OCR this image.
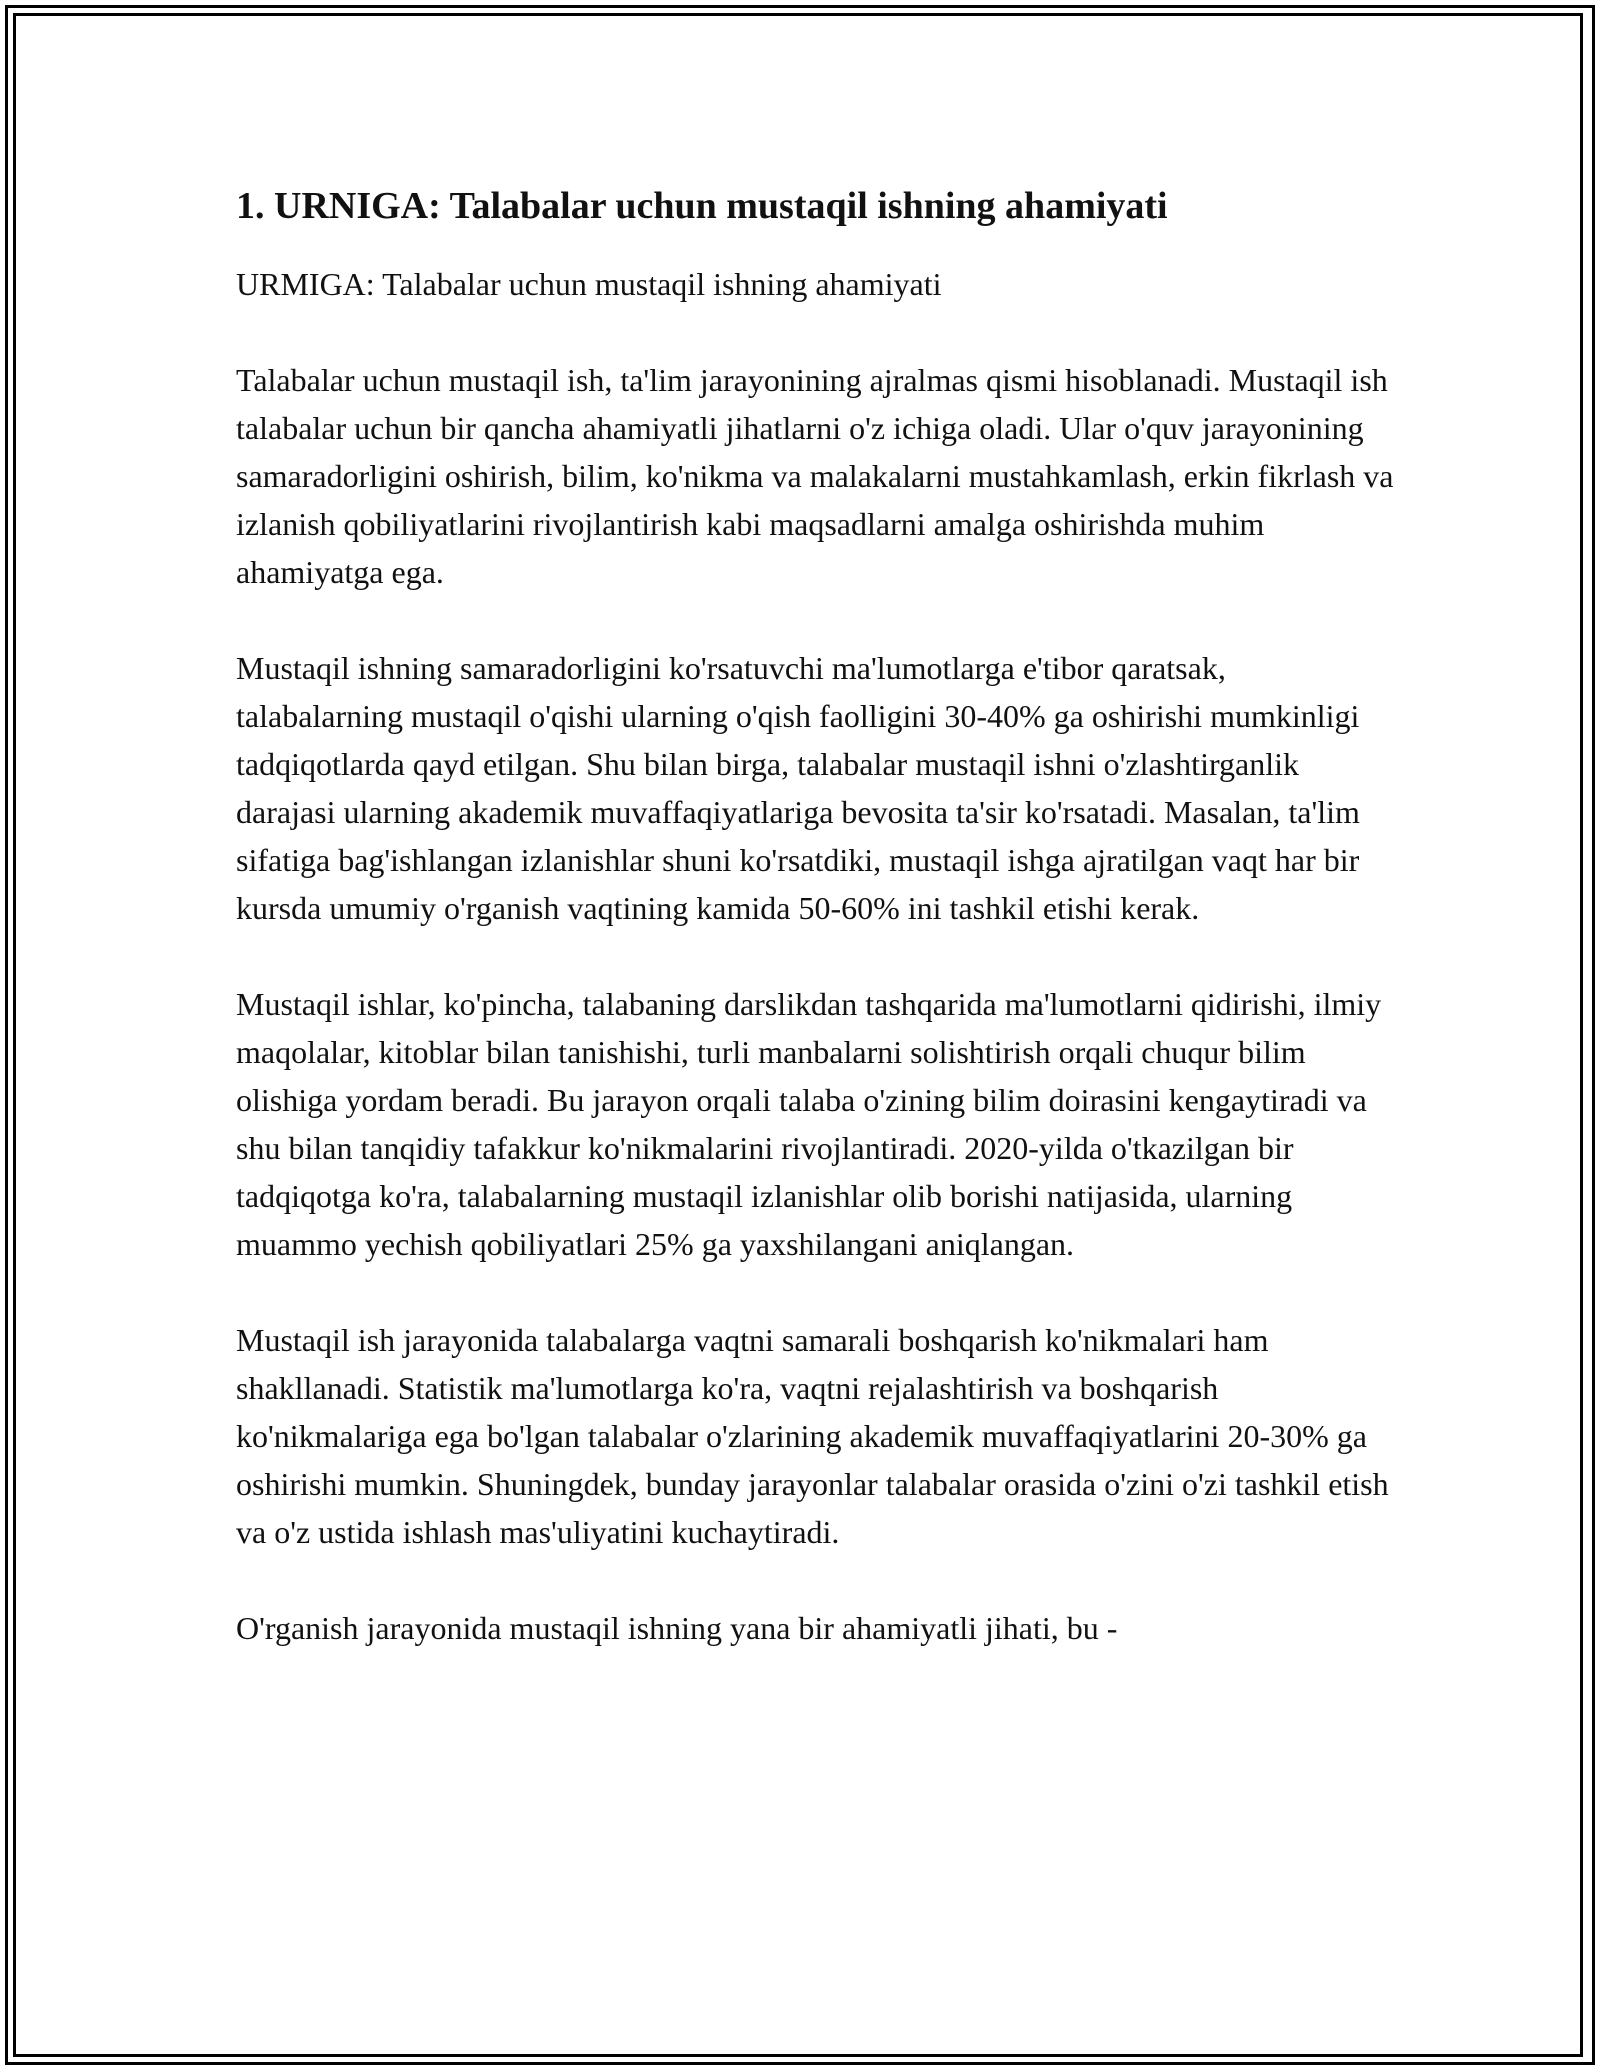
1. URNIGA: Talabalar uchun mustaqil ishning ahamiyati

URMIGA: Talabalar uchun mustaqil ishning ahamiyati

Talabalar uchun mustaqil ish, ta'lim jarayonining ajralmas qismi hisoblanadi. Mustaqil ish talabalar uchun bir qancha ahamiyatli jihatlarni o'z ichiga oladi. Ular o'quv jarayonining samaradorligini oshirish, bilim, ko'nikma va malakalarni mustahkamlash, erkin fikrlash va izlanish qobiliyatlarini rivojlantirish kabi maqsadlarni amalga oshirishda muhim ahamiyatga ega.

Mustaqil ishning samaradorligini ko'rsatuvchi ma'lumotlarga e'tibor qaratsak, talabalarning mustaqil o'qishi ularning o'qish faolligini 30-40% ga oshirishi mumkinligi tadqiqotlarda qayd etilgan. Shu bilan birga, talabalar mustaqil ishni o'zlashtirganlik darajasi ularning akademik muvaffaqiyatlariga bevosita ta'sir ko'rsatadi. Masalan, ta'lim sifatiga bag'ishlangan izlanishlar shuni ko'rsatdiki, mustaqil ishga ajratilgan vaqt har bir kursda umumiy o'rganish vaqtining kamida 50-60% ini tashkil etishi kerak.

Mustaqil ishlar, ko'pincha, talabaning darslikdan tashqarida ma'lumotlarni qidirishi, ilmiy maqolalar, kitoblar bilan tanishishi, turli manbalarni solishtirish orqali chuqur bilim olishiga yordam beradi. Bu jarayon orqali talaba o'zining bilim doirasini kengaytiradi va shu bilan tanqidiy tafakkur ko'nikmalarini rivojlantiradi. 2020-yilda o'tkazilgan bir tadqiqotga ko'ra, talabalarning mustaqil izlanishlar olib borishi natijasida, ularning muammo yechish qobiliyatlari 25% ga yaxshilangani aniqlangan.

Mustaqil ish jarayonida talabalarga vaqtni samarali boshqarish ko'nikmalari ham shakllanadi. Statistik ma'lumotlarga ko'ra, vaqtni rejalashtirish va boshqarish ko'nikmalariga ega bo'lgan talabalar o'zlarining akademik muvaffaqiyatlarini 20-30% ga oshirishi mumkin. Shuningdek, bunday jarayonlar talabalar orasida o'zini o'zi tashkil etish va o'z ustida ishlash mas'uliyatini kuchaytiradi.

O'rganish jarayonida mustaqil ishning yana bir ahamiyatli jihati, bu -
